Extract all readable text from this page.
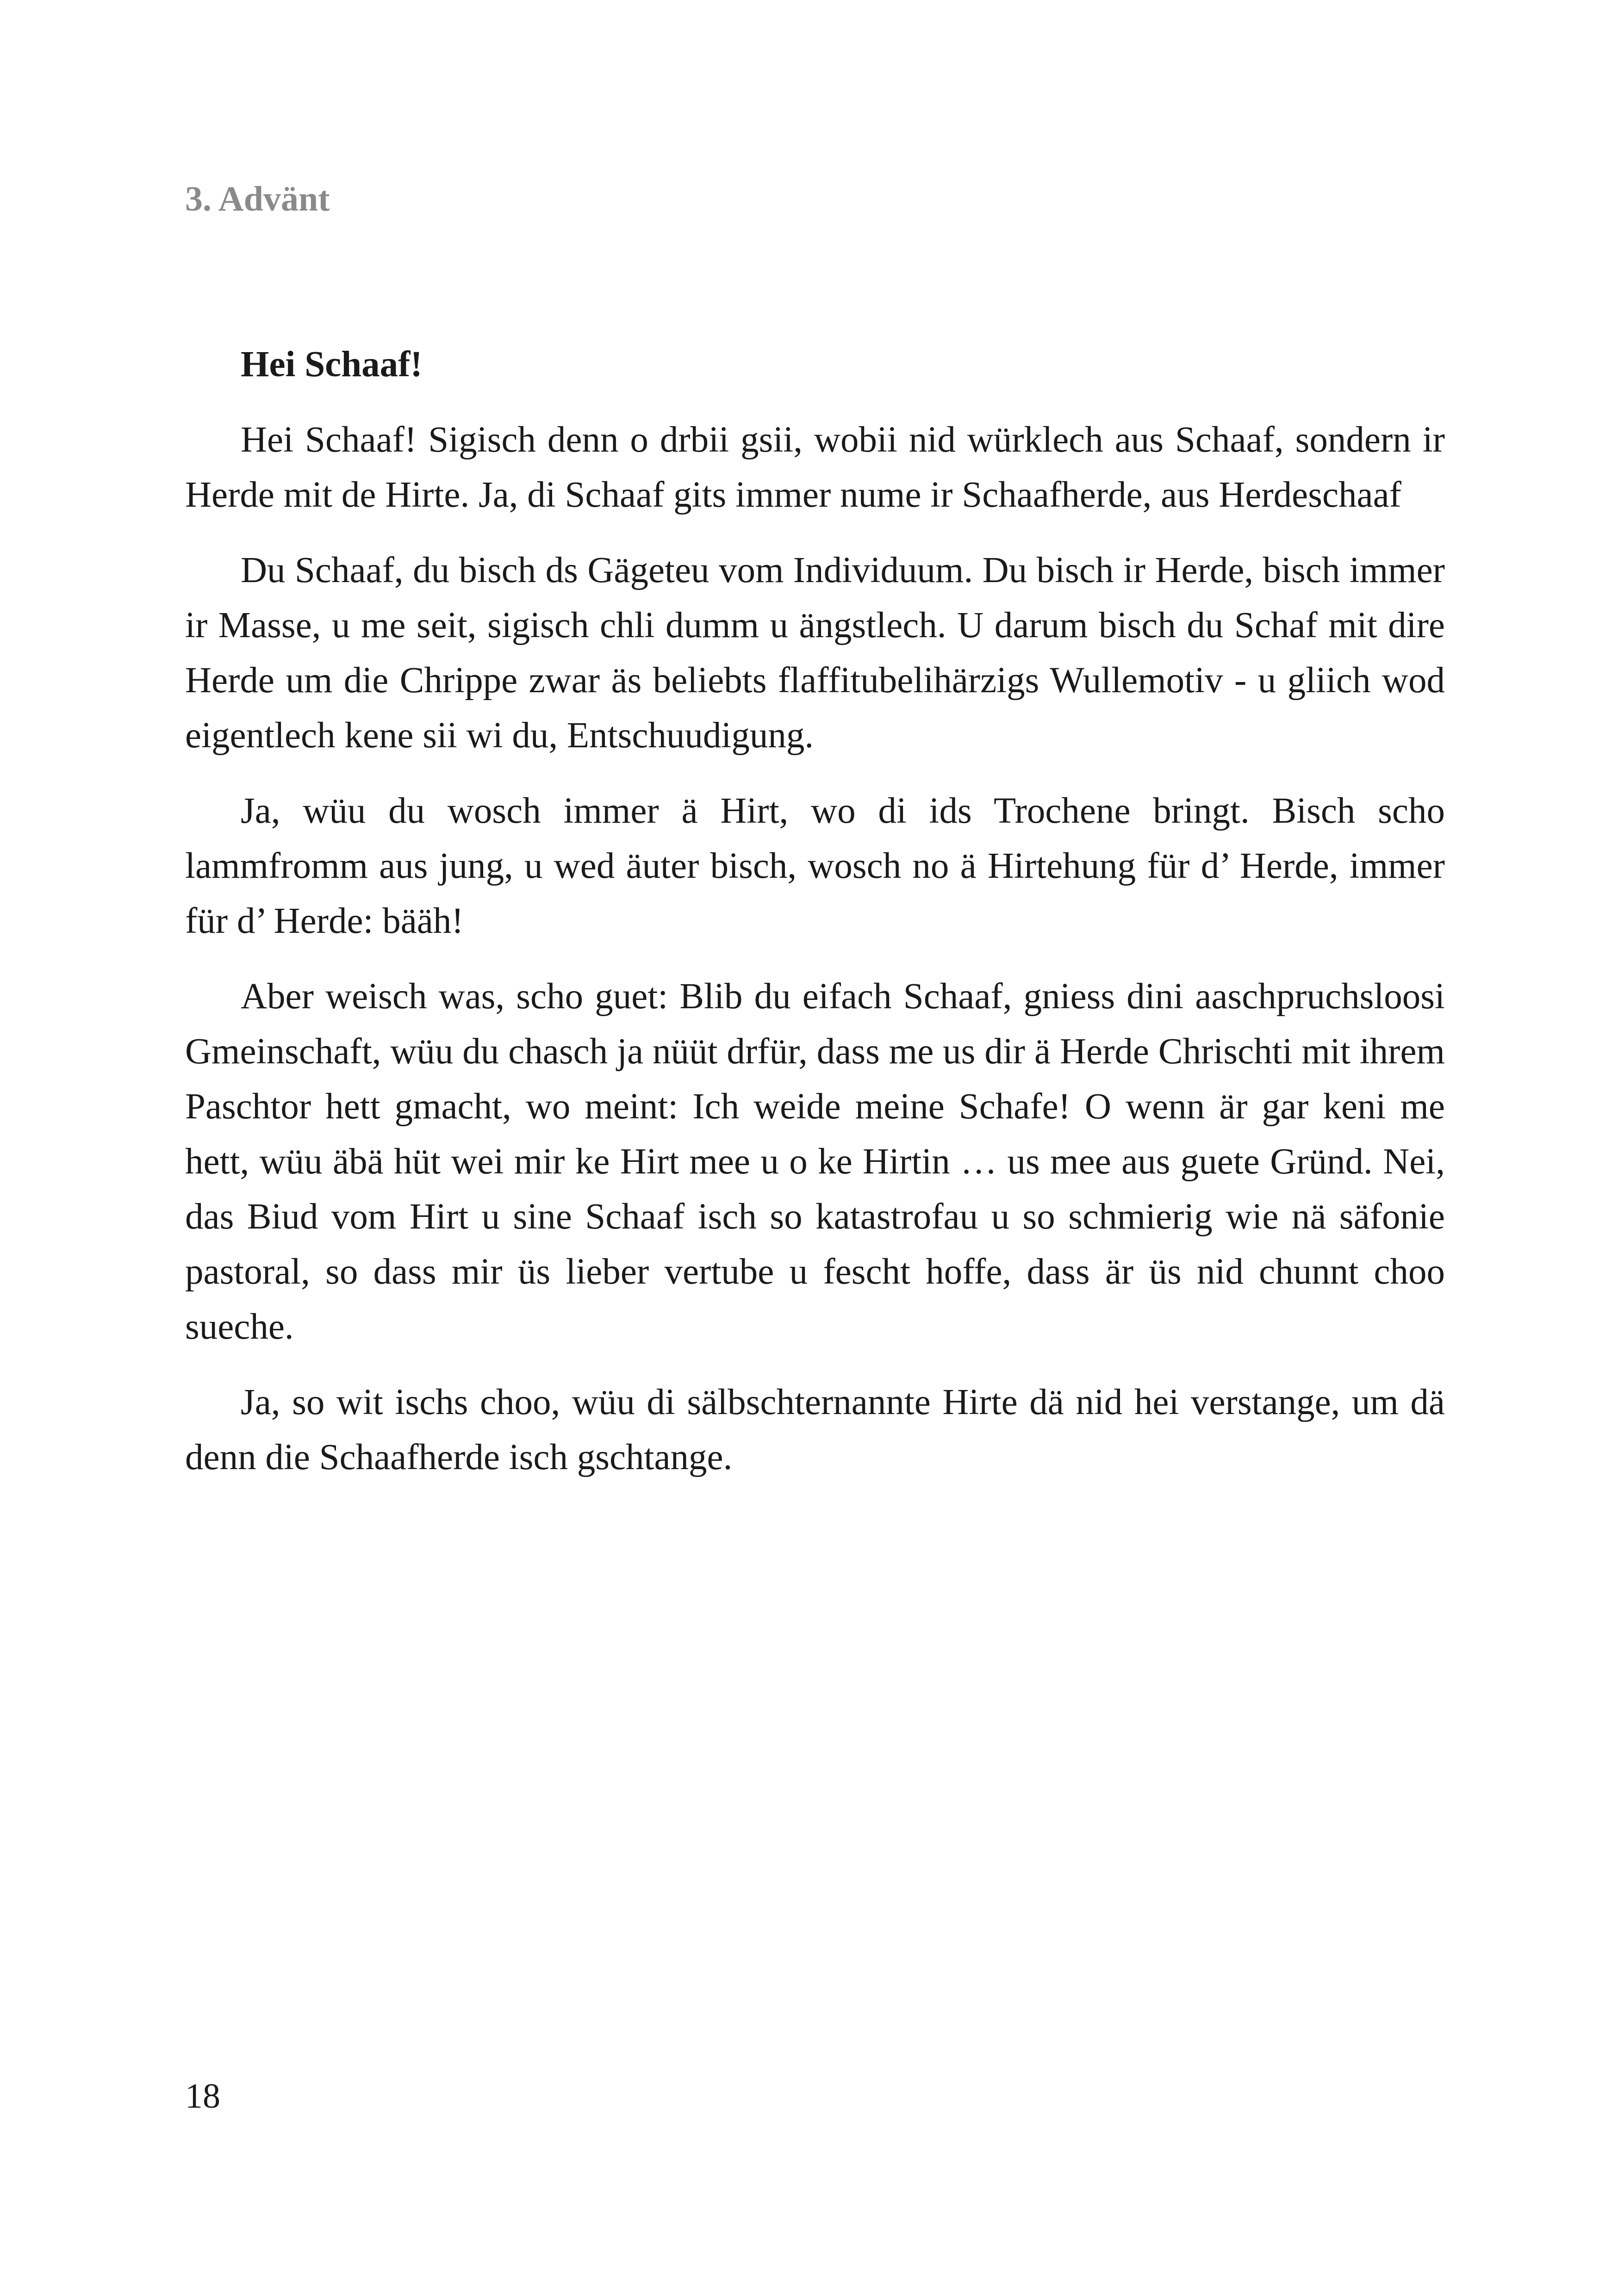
3. Advänt

Hei Schaaf!

Hei Schaaf! Sigisch denn o drbii gsii, wobii nid würklech aus Schaaf, sondern ir Herde mit de Hirte. Ja, di Schaaf gits immer nume ir Schaafherde, aus Herdeschaaf

Du Schaaf, du bisch ds Gägeteu vom Individuum. Du bisch ir Herde, bisch immer ir Masse, u me seit, sigisch chli dumm u ängstlech. U darum bisch du Schaf mit dire Herde um die Chrippe zwar äs beliebts flaffitubelihärzigs Wullemotiv - u gliich wod eigentlech kene sii wi du, Entschuudigung.

Ja, wüu du wosch immer ä Hirt, wo di ids Trochene bringt. Bisch scho lammfromm aus jung, u wed äuter bisch, wosch no ä Hirtehung für d’ Herde, immer für d’ Herde: bääh!

Aber weisch was, scho guet: Blib du eifach Schaaf, gniess dini aaschpruchsloosi Gmeinschaft, wüu du chasch ja nüüt drfür, dass me us dir ä Herde Chrischti mit ihrem Paschtor hett gmacht, wo meint: Ich weide meine Schafe! O wenn är gar keni me hett, wüu äbä hüt wei mir ke Hirt mee u o ke Hirtin … us mee aus guete Gründ. Nei, das Biud vom Hirt u sine Schaaf isch so katastrofau u so schmierig wie nä säfonie pastoral, so dass mir üs lieber vertube u fescht hoffe, dass är üs nid chunnt choo sueche.

Ja, so wit ischs choo, wüu di sälbschternannte Hirte dä nid hei verstange, um dä denn die Schaafherde isch gschtange.

18
